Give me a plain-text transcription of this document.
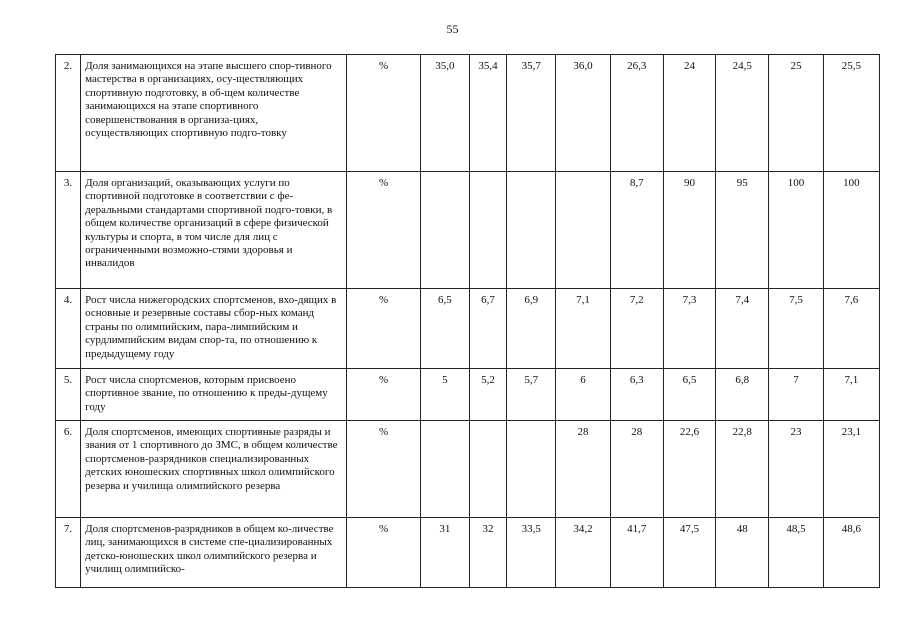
55
2.	Доля занимающихся на этапе высшего спор-тивного мастерства в организациях, осу-ществляющих спортивную подготовку, в об-щем количестве занимающихся на этапе спортивного совершенствования в организа-циях, осуществляющих спортивную подго-товку	%	35,0	35,4	35,7	36,0	26,3	24	24,5	25	25,5
3.	Доля организаций, оказывающих услуги по спортивной подготовке в соответствии с фе-деральными стандартами спортивной подго-товки, в общем количестве организаций в сфере физической культуры и спорта, в том числе для лиц с ограниченными возможно-стями здоровья и инвалидов	%					8,7	90	95	100	100
4.	Рост числа нижегородских спортсменов, вхо-дящих в основные и резервные составы сбор-ных команд страны по олимпийским, пара-лимпийским и сурдлимпийским видам спор-та, по отношению к предыдущему году	%	6,5	6,7	6,9	7,1	7,2	7,3	7,4	7,5	7,6
5.	Рост числа спортсменов, которым присвоено спортивное звание, по отношению к преды-дущему году	%	5	5,2	5,7	6	6,3	6,5	6,8	7	7,1
6.	Доля спортсменов, имеющих спортивные разряды и звания от 1 спортивного до ЗМС, в общем количестве спортсменов-разрядников специализированных детских юношеских спортивных школ олимпийского резерва и училища олимпийского резерва	%				28	28	22,6	22,8	23	23,1
7.	Доля спортсменов-разрядников в общем ко-личестве лиц, занимающихся в системе спе-циализированных детско-юношеских школ олимпийского резерва и училищ олимпийско-	%	31	32	33,5	34,2	41,7	47,5	48	48,5	48,6
